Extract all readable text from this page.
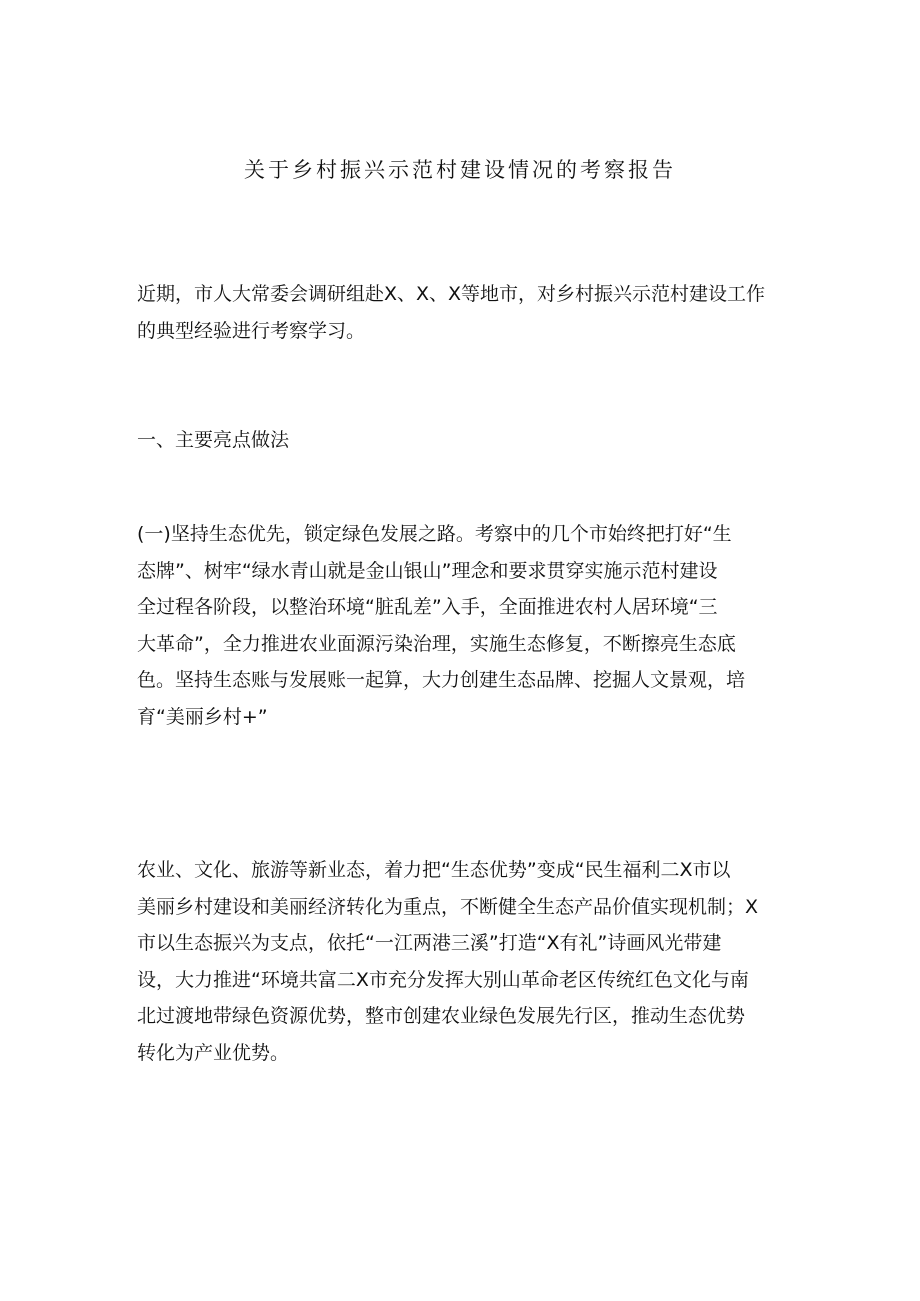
关于乡村振兴示范村建设情况的考察报告

近期，市人大常委会调研组赴X、X、X等地市，对乡村振兴示范村建设工作
的典型经验进行考察学习。

一、主要亮点做法

(一)坚持生态优先，锁定绿色发展之路。考察中的几个市始终把打好“生
态牌”、树牢“绿水青山就是金山银山”理念和要求贯穿实施示范村建设
全过程各阶段，以整治环境“脏乱差”入手，全面推进农村人居环境“三
大革命”，全力推进农业面源污染治理，实施生态修复，不断擦亮生态底
色。坚持生态账与发展账一起算，大力创建生态品牌、挖掘人文景观，培
育“美丽乡村+”

农业、文化、旅游等新业态，着力把“生态优势”变成“民生福利二X市以
美丽乡村建设和美丽经济转化为重点，不断健全生态产品价值实现机制；X
市以生态振兴为支点，依托“一江两港三溪”打造“X有礼”诗画风光带建
设，大力推进“环境共富二X市充分发挥大别山革命老区传统红色文化与南
北过渡地带绿色资源优势，整市创建农业绿色发展先行区，推动生态优势
转化为产业优势。
